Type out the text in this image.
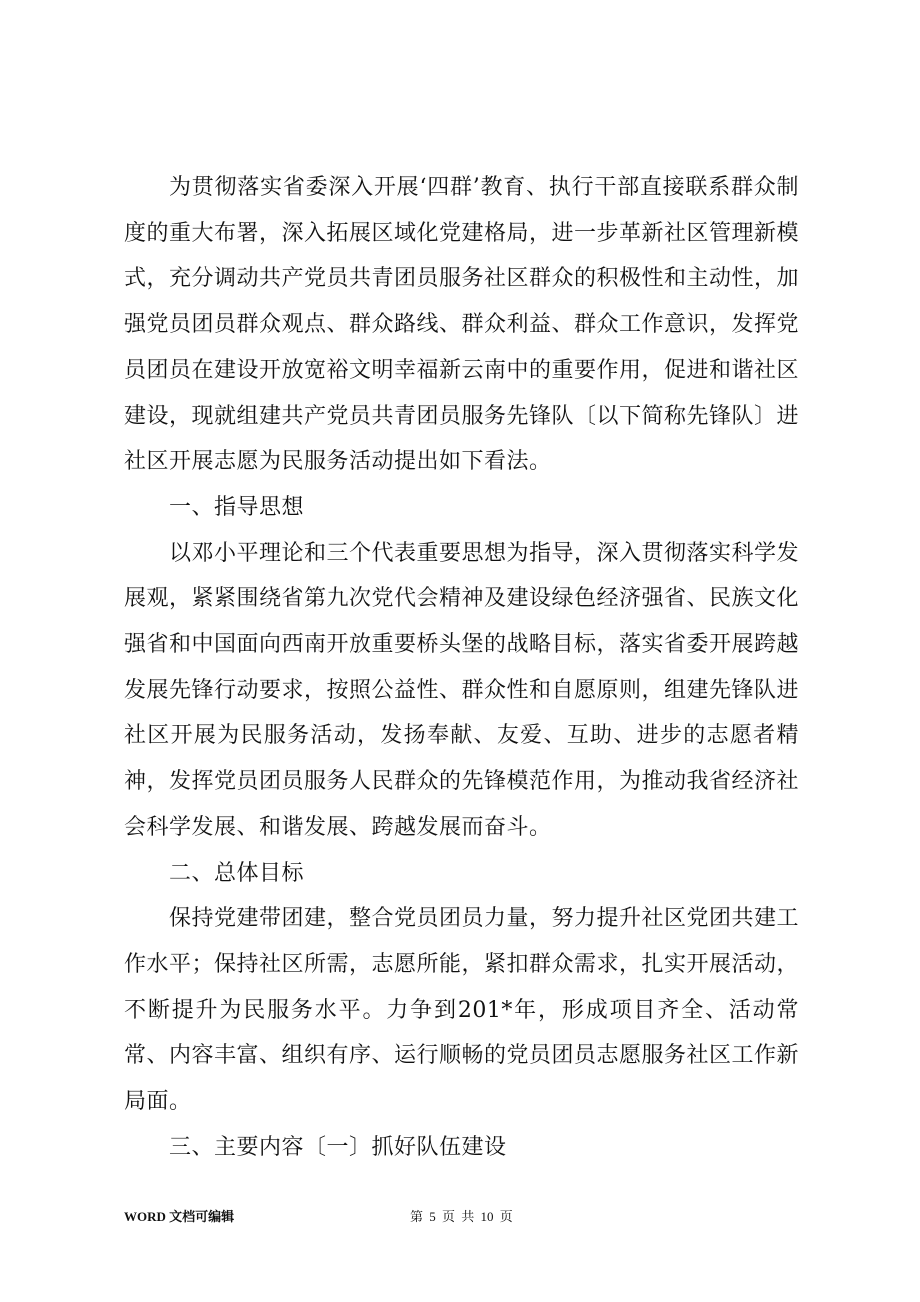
为贯彻落实省委深入开展‘四群’教育、执行干部直接联系群众制度的重大布署，深入拓展区域化党建格局，进一步革新社区管理新模式，充分调动共产党员共青团员服务社区群众的积极性和主动性，加强党员团员群众观点、群众路线、群众利益、群众工作意识，发挥党员团员在建设开放宽裕文明幸福新云南中的重要作用，促进和谐社区建设，现就组建共产党员共青团员服务先锋队〔以下简称先锋队〕进社区开展志愿为民服务活动提出如下看法。

一、指导思想

以邓小平理论和三个代表重要思想为指导，深入贯彻落实科学发展观，紧紧围绕省第九次党代会精神及建设绿色经济强省、民族文化强省和中国面向西南开放重要桥头堡的战略目标，落实省委开展跨越发展先锋行动要求，按照公益性、群众性和自愿原则，组建先锋队进社区开展为民服务活动，发扬奉献、友爱、互助、进步的志愿者精神，发挥党员团员服务人民群众的先锋模范作用，为推动我省经济社会科学发展、和谐发展、跨越发展而奋斗。

二、总体目标

保持党建带团建，整合党员团员力量，努力提升社区党团共建工作水平；保持社区所需，志愿所能，紧扣群众需求，扎实开展活动，不断提升为民服务水平。力争到201*年，形成项目齐全、活动常常、内容丰富、组织有序、运行顺畅的党员团员志愿服务社区工作新局面。

三、主要内容〔一〕抓好队伍建设

WORD 文档可编辑	第 5 页 共 10 页
